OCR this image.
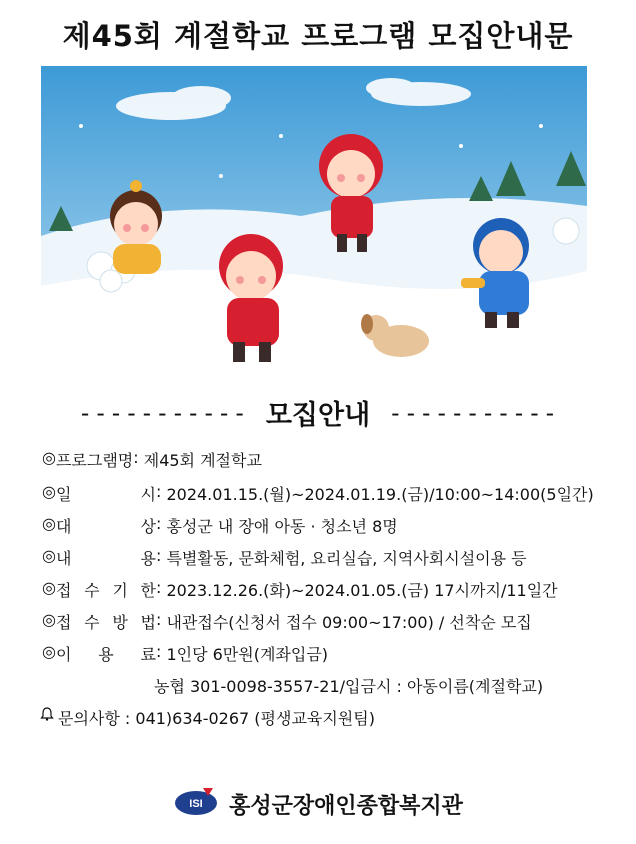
제45회 계절학교 프로그램 모집안내문
----------- 모집안내 -----------
◎ 프로그램명 : 제45회 계절학교
◎ 일	시 : 2024.01.15.(월)~2024.01.19.(금)/10:00~14:00(5일간)
◎ 대	상 : 홍성군 내 장애 아동 · 청소년 8명
◎ 내	용 : 특별활동, 문화체험, 요리실습, 지역사회시설이용 등
◎ 접 수 기 한 : 2023.12.26.(화)~2024.01.05.(금) 17시까지/11일간
◎ 접 수 방 법 : 내관접수(신청서 접수 09:00~17:00) / 선착순 모집
◎ 이 용 료 : 1인당 6만원(계좌입금)
농협 301-0098-3557-21/입금시 : 아동이름(계절학교)
문의사항 : 041)634-0267 (평생교육지원팀)
ISI 홍성군장애인종합복지관
